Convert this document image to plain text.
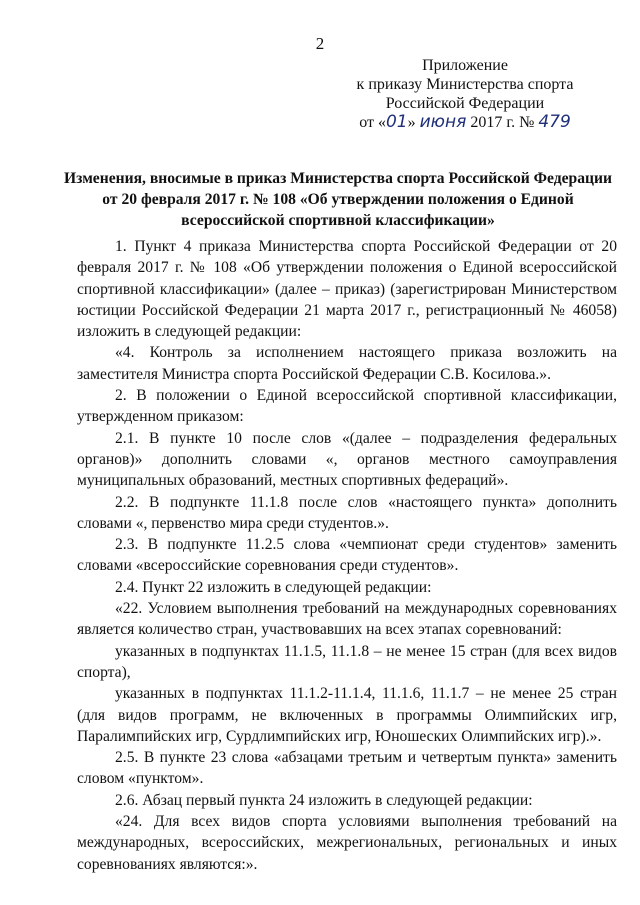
2
Приложение
к приказу Министерства спорта
Российской Федерации
от «01» июня 2017 г. № 479
Изменения, вносимые в приказ Министерства спорта Российской Федерации от 20 февраля 2017 г. № 108 «Об утверждении положения о Единой всероссийской спортивной классификации»

1. Пункт 4 приказа Министерства спорта Российской Федерации от 20 февраля 2017 г. № 108 «Об утверждении положения о Единой всероссийской спортивной классификации» (далее – приказ) (зарегистрирован Министерством юстиции Российской Федерации 21 марта 2017 г., регистрационный № 46058) изложить в следующей редакции:

«4. Контроль за исполнением настоящего приказа возложить на заместителя Министра спорта Российской Федерации С.В. Косилова.».

2. В положении о Единой всероссийской спортивной классификации, утвержденном приказом:

2.1. В пункте 10 после слов «(далее – подразделения федеральных органов)» дополнить словами «, органов местного самоуправления муниципальных образований, местных спортивных федераций».

2.2. В подпункте 11.1.8 после слов «настоящего пункта» дополнить словами «, первенство мира среди студентов.».

2.3. В подпункте 11.2.5 слова «чемпионат среди студентов» заменить словами «всероссийские соревнования среди студентов».

2.4. Пункт 22 изложить в следующей редакции:

«22. Условием выполнения требований на международных соревнованиях является количество стран, участвовавших на всех этапах соревнований:

указанных в подпунктах 11.1.5, 11.1.8 – не менее 15 стран (для всех видов спорта),

указанных в подпунктах 11.1.2-11.1.4, 11.1.6, 11.1.7 – не менее 25 стран (для видов программ, не включенных в программы Олимпийских игр, Паралимпийских игр, Сурдлимпийских игр, Юношеских Олимпийских игр).».

2.5. В пункте 23 слова «абзацами третьим и четвертым пункта» заменить словом «пунктом».

2.6. Абзац первый пункта 24 изложить в следующей редакции:

«24. Для всех видов спорта условиями выполнения требований на международных, всероссийских, межрегиональных, региональных и иных соревнованиях являются:».
